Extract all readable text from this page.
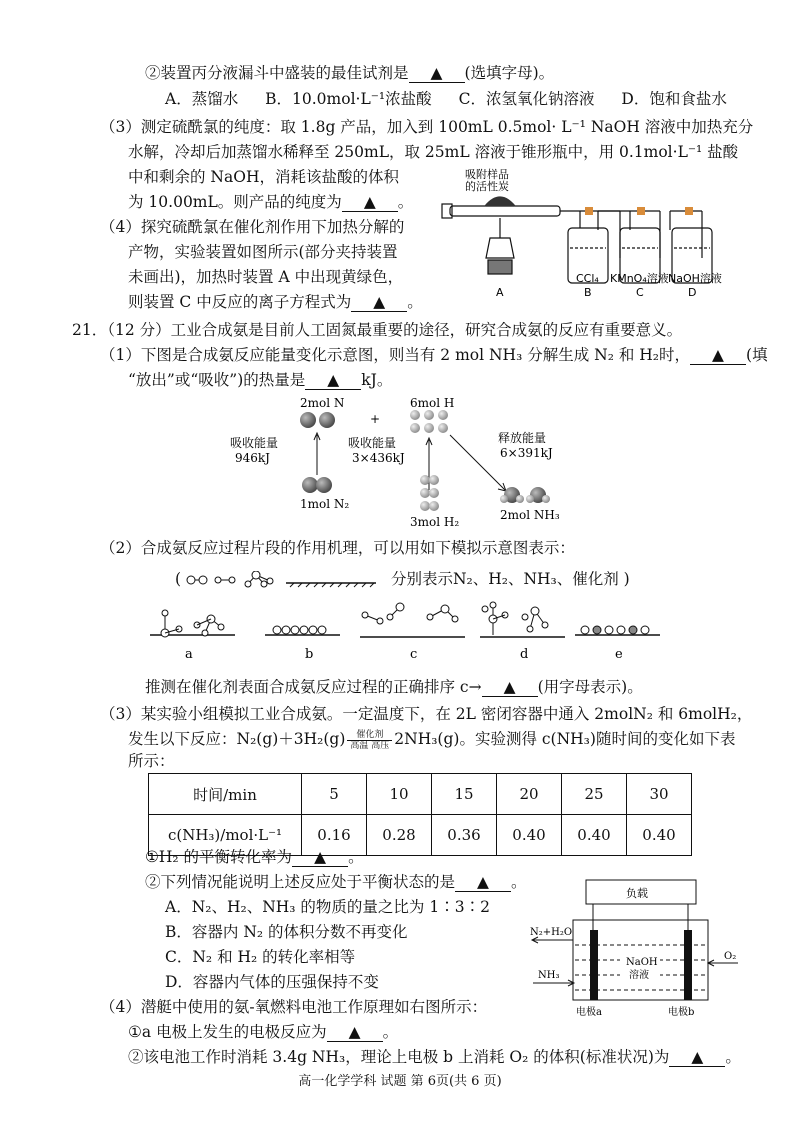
②装置丙分液漏斗中盛装的最佳试剂是 ▲ (选填字母)。
A．蒸馏水 B．10.0mol·L⁻¹浓盐酸 C．浓氢氧化钠溶液 D．饱和食盐水
（3）测定硫酰氯的纯度：取 1.8g 产品，加入到 100mL 0.5mol· L⁻¹ NaOH 溶液中加热充分
水解，冷却后加蒸馏水稀释至 250mL，取 25mL 溶液于锥形瓶中，用 0.1mol·L⁻¹ 盐酸
中和剩余的 NaOH，消耗该盐酸的体积
为 10.00mL。则产品的纯度为 ▲ 。
（4）探究硫酰氯在催化剂作用下加热分解的
产物，实验装置如图所示(部分夹持装置
未画出)，加热时装置 A 中出现黄绿色，
则装置 C 中反应的离子方程式为 ▲ 。
吸附样品
的活性炭
A
CCl₄
B
KMnO₄溶液
C
NaOH溶液
D
21．（12 分）工业合成氨是目前人工固氮最重要的途径，研究合成氨的反应有重要意义。
（1）下图是合成氨反应能量变化示意图，则当有 2 mol NH₃ 分解生成 N₂ 和 H₂时， ▲ (填
“放出”或“吸收”)的热量是 ▲ kJ。
2mol N
+
6mol H
吸收能量
946kJ
吸收能量
3×436kJ
释放能量
6×391kJ
1mol N₂
3mol H₂	2mol NH₃
（2）合成氨反应过程片段的作用机理，可以用如下模拟示意图表示：
(	分别表示N₂、H₂、NH₃、催化剂 )
a	b	c	d	e
推测在催化剂表面合成氨反应过程的正确排序 c→ ▲ (用字母表示)。
（3）某实验小组模拟工业合成氨。一定温度下，在 2L 密闭容器中通入 2molN₂ 和 6molH₂，
发生以下反应：$N_2(g)+3H_2(g) \frac{\text{催化剂}}{\text{高温 高压}} 2NH_3(g)$。实验测得 c(NH₃)随时间的变化如下表
所示：
时间/min	5	10	15	20	25	30
c(NH₃)/mol·L⁻¹	0.16	0.28	0.36	0.40	0.40	0.40
①H₂ 的平衡转化率为 ▲ 。
②下列情况能说明上述反应处于平衡状态的是 ▲ 。
A．N₂、H₂、NH₃ 的物质的量之比为 1∶3∶2
B．容器内 N₂ 的体积分数不再变化
C．N₂ 和 H₂ 的转化率相等
D．容器内气体的压强保持不变
（4）潜艇中使用的氨-氧燃料电池工作原理如右图所示：
①a 电极上发生的电极反应为 ▲ 。
②该电池工作时消耗 3.4g NH₃，理论上电极 b 上消耗 O₂ 的体积(标准状况)为 ▲ 。
负载
N₂+H₂O
NH₃
O₂
NaOH
溶液
电极a	电极b
高一化学学科 试题 第 6页(共 6 页)
